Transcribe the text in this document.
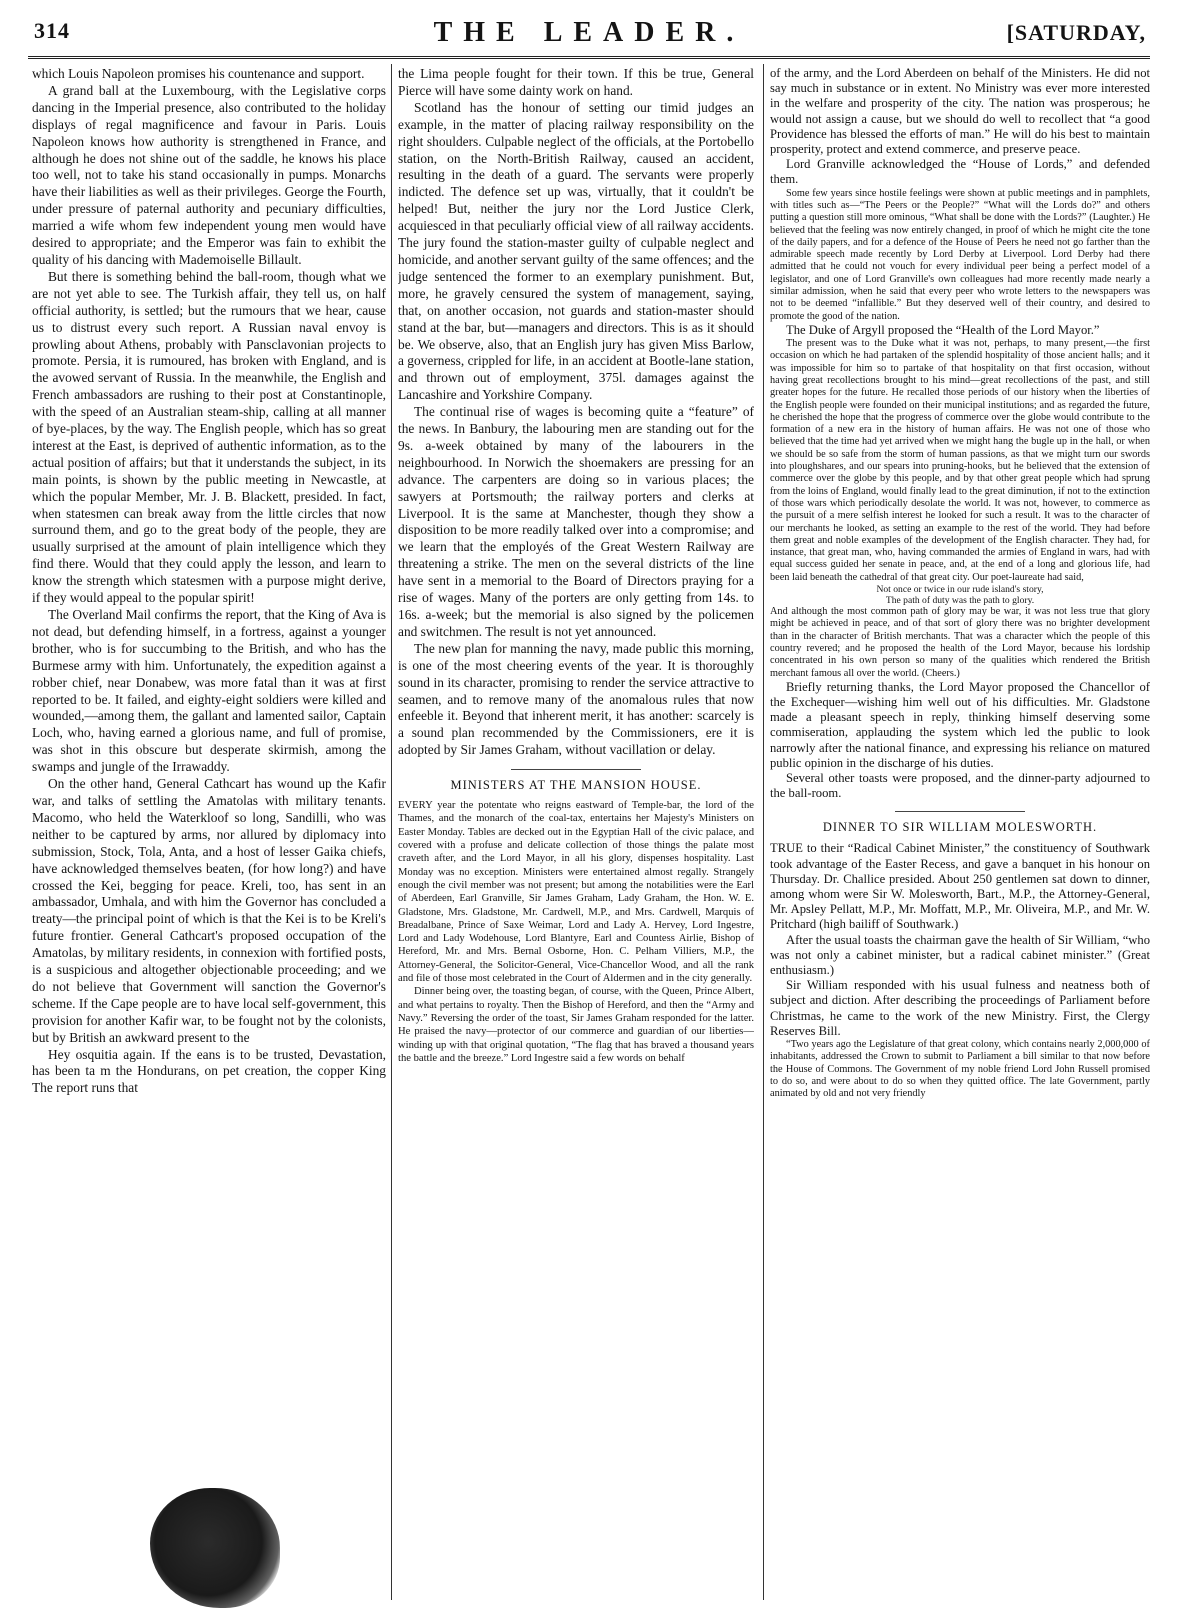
314	THE LEADER.	[SATURDAY,

which Louis Napoleon promises his countenance and support.

A grand ball at the Luxembourg, with the Legislative corps dancing in the Imperial presence, also contributed to the holiday displays of regal magnificence and favour in Paris. Louis Napoleon knows how authority is strengthened in France, and although he does not shine out of the saddle, he knows his place too well, not to take his stand occasionally in pumps. Monarchs have their liabilities as well as their privileges. George the Fourth, under pressure of paternal authority and pecuniary difficulties, married a wife whom few independent young men would have desired to appropriate; and the Emperor was fain to exhibit the quality of his dancing with Mademoiselle Billault.

But there is something behind the ball-room, though what we are not yet able to see. The Turkish affair, they tell us, on half official authority, is settled; but the rumours that we hear, cause us to distrust every such report. A Russian naval envoy is prowling about Athens, probably with Pansclavonian projects to promote. Persia, it is rumoured, has broken with England, and is the avowed servant of Russia. In the meanwhile, the English and French ambassadors are rushing to their post at Constantinople, with the speed of an Australian steam-ship, calling at all manner of bye-places, by the way. The English people, which has so great interest at the East, is deprived of authentic information, as to the actual position of affairs; but that it understands the subject, in its main points, is shown by the public meeting in Newcastle, at which the popular Member, Mr. J. B. Blackett, presided. In fact, when statesmen can break away from the little circles that now surround them, and go to the great body of the people, they are usually surprised at the amount of plain intelligence which they find there. Would that they could apply the lesson, and learn to know the strength which statesmen with a purpose might derive, if they would appeal to the popular spirit!

The Overland Mail confirms the report, that the King of Ava is not dead, but defending himself, in a fortress, against a younger brother, who is for succumbing to the British, and who has the Burmese army with him. Unfortunately, the expedition against a robber chief, near Donabew, was more fatal than it was at first reported to be. It failed, and eighty-eight soldiers were killed and wounded,—among them, the gallant and lamented sailor, Captain Loch, who, having earned a glorious name, and full of promise, was shot in this obscure but desperate skirmish, among the swamps and jungle of the Irrawaddy.

On the other hand, General Cathcart has wound up the Kafir war, and talks of settling the Amatolas with military tenants. Macomo, who held the Waterkloof so long, Sandilli, who was neither to be captured by arms, nor allured by diplomacy into submission, Stock, Tola, Anta, and a host of lesser Gaika chiefs, have acknowledged themselves beaten, (for how long?) and have crossed the Kei, begging for peace. Kreli, too, has sent in an ambassador, Umhala, and with him the Governor has concluded a treaty—the principal point of which is that the Kei is to be Kreli's future frontier. General Cathcart's proposed occupation of the Amatolas, by military residents, in connexion with fortified posts, is a suspicious and altogether objectionable proceeding; and we do not believe that Government will sanction the Governor's scheme. If the Cape people are to have local self-government, this provision for another Kafir war, to be fought not by the colonists, but by British an awkward present to the

Hey osquitia again. If the eans is to be trusted, Devastation, has been ta m the Hondurans, on pet creation, the copper King The report runs that

the Lima people fought for their town. If this be true, General Pierce will have some dainty work on hand.

Scotland has the honour of setting our timid judges an example, in the matter of placing railway responsibility on the right shoulders. Culpable neglect of the officials, at the Portobello station, on the North-British Railway, caused an accident, resulting in the death of a guard. The servants were properly indicted. The defence set up was, virtually, that it couldn't be helped! But, neither the jury nor the Lord Justice Clerk, acquiesced in that peculiarly official view of all railway accidents. The jury found the station-master guilty of culpable neglect and homicide, and another servant guilty of the same offences; and the judge sentenced the former to an exemplary punishment. But, more, he gravely censured the system of management, saying, that, on another occasion, not guards and station-master should stand at the bar, but—managers and directors. This is as it should be. We observe, also, that an English jury has given Miss Barlow, a governess, crippled for life, in an accident at Bootle-lane station, and thrown out of employment, 375l. damages against the Lancashire and Yorkshire Company.

The continual rise of wages is becoming quite a “feature” of the news. In Banbury, the labouring men are standing out for the 9s. a-week obtained by many of the labourers in the neighbourhood. In Norwich the shoemakers are pressing for an advance. The carpenters are doing so in various places; the sawyers at Portsmouth; the railway porters and clerks at Liverpool. It is the same at Manchester, though they show a disposition to be more readily talked over into a compromise; and we learn that the employés of the Great Western Railway are threatening a strike. The men on the several districts of the line have sent in a memorial to the Board of Directors praying for a rise of wages. Many of the porters are only getting from 14s. to 16s. a-week; but the memorial is also signed by the policemen and switchmen. The result is not yet announced.

The new plan for manning the navy, made public this morning, is one of the most cheering events of the year. It is thoroughly sound in its character, promising to render the service attractive to seamen, and to remove many of the anomalous rules that now enfeeble it. Beyond that inherent merit, it has another: scarcely is a sound plan recommended by the Commissioners, ere it is adopted by Sir James Graham, without vacillation or delay.

MINISTERS AT THE MANSION HOUSE.

EVERY year the potentate who reigns eastward of Temple-bar, the lord of the Thames, and the monarch of the coal-tax, entertains her Majesty's Ministers on Easter Monday. Tables are decked out in the Egyptian Hall of the civic palace, and covered with a profuse and delicate collection of those things the palate most craveth after, and the Lord Mayor, in all his glory, dispenses hospitality. Last Monday was no exception. Ministers were entertained almost regally. Strangely enough the civil member was not present; but among the notabilities were the Earl of Aberdeen, Earl Granville, Sir James Graham, Lady Graham, the Hon. W. E. Gladstone, Mrs. Gladstone, Mr. Cardwell, M.P., and Mrs. Cardwell, Marquis of Breadalbane, Prince of Saxe Weimar, Lord and Lady A. Hervey, Lord Ingestre, Lord and Lady Wodehouse, Lord Blantyre, Earl and Countess Airlie, Bishop of Hereford, Mr. and Mrs. Bernal Osborne, Hon. C. Pelham Villiers, M.P., the Attorney-General, the Solicitor-General, Vice-Chancellor Wood, and all the rank and file of those most celebrated in the Court of Aldermen and in the city generally.

Dinner being over, the toasting began, of course, with the Queen, Prince Albert, and what pertains to royalty. Then the Bishop of Hereford, and then the “Army and Navy.” Reversing the order of the toast, Sir James Graham responded for the latter. He praised the navy—protector of our commerce and guardian of our liberties—winding up with that original quotation, “The flag that has braved a thousand years the battle and the breeze.” Lord Ingestre said a few words on behalf

of the army, and the Lord Aberdeen on behalf of the Ministers. He did not say much in substance or in extent. No Ministry was ever more interested in the welfare and prosperity of the city. The nation was prosperous; he would not assign a cause, but we should do well to recollect that “a good Providence has blessed the efforts of man.” He will do his best to maintain prosperity, protect and extend commerce, and preserve peace.

Lord Granville acknowledged the “House of Lords,” and defended them.

Some few years since hostile feelings were shown at public meetings and in pamphlets, with titles such as—“The Peers or the People?” “What will the Lords do?” and others putting a question still more ominous, “What shall be done with the Lords?” (Laughter.) He believed that the feeling was now entirely changed, in proof of which he might cite the tone of the daily papers, and for a defence of the House of Peers he need not go farther than the admirable speech made recently by Lord Derby at Liverpool. Lord Derby had there admitted that he could not vouch for every individual peer being a perfect model of a legislator, and one of Lord Granville's own colleagues had more recently made nearly a similar admission, when he said that every peer who wrote letters to the newspapers was not to be deemed “infallible.” But they deserved well of their country, and desired to promote the good of the nation.

The Duke of Argyll proposed the “Health of the Lord Mayor.”

The present was to the Duke what it was not, perhaps, to many present,—the first occasion on which he had partaken of the splendid hospitality of those ancient halls; and it was impossible for him so to partake of that hospitality on that first occasion, without having great recollections brought to his mind—great recollections of the past, and still greater hopes for the future. He recalled those periods of our history when the liberties of the English people were founded on their municipal institutions; and as regarded the future, he cherished the hope that the progress of commerce over the globe would contribute to the formation of a new era in the history of human affairs. He was not one of those who believed that the time had yet arrived when we might hang the bugle up in the hall, or when we should be so safe from the storm of human passions, as that we might turn our swords into ploughshares, and our spears into pruning-hooks, but he believed that the extension of commerce over the globe by this people, and by that other great people which had sprung from the loins of England, would finally lead to the great diminution, if not to the extinction of those wars which periodically desolate the world. It was not, however, to commerce as the pursuit of a mere selfish interest he looked for such a result. It was to the character of our merchants he looked, as setting an example to the rest of the world. They had before them great and noble examples of the development of the English character. They had, for instance, that great man, who, having commanded the armies of England in wars, had with equal success guided her senate in peace, and, at the end of a long and glorious life, had been laid beneath the cathedral of that great city. Our poet-laureate had said,

Not once or twice in our rude island's story,

The path of duty was the path to glory.

And although the most common path of glory may be war, it was not less true that glory might be achieved in peace, and of that sort of glory there was no brighter development than in the character of British merchants. That was a character which the people of this country revered; and he proposed the health of the Lord Mayor, because his lordship concentrated in his own person so many of the qualities which rendered the British merchant famous all over the world. (Cheers.)

Briefly returning thanks, the Lord Mayor proposed the Chancellor of the Exchequer—wishing him well out of his difficulties. Mr. Gladstone made a pleasant speech in reply, thinking himself deserving some commiseration, applauding the system which led the public to look narrowly after the national finance, and expressing his reliance on matured public opinion in the discharge of his duties.

Several other toasts were proposed, and the dinner-party adjourned to the ball-room.

DINNER TO SIR WILLIAM MOLESWORTH.

TRUE to their “Radical Cabinet Minister,” the constituency of Southwark took advantage of the Easter Recess, and gave a banquet in his honour on Thursday. Dr. Challice presided. About 250 gentlemen sat down to dinner, among whom were Sir W. Molesworth, Bart., M.P., the Attorney-General, Mr. Apsley Pellatt, M.P., Mr. Moffatt, M.P., Mr. Oliveira, M.P., and Mr. W. Pritchard (high bailiff of Southwark.)

After the usual toasts the chairman gave the health of Sir William, “who was not only a cabinet minister, but a radical cabinet minister.” (Great enthusiasm.)

Sir William responded with his usual fulness and neatness both of subject and diction. After describing the proceedings of Parliament before Christmas, he came to the work of the new Ministry. First, the Clergy Reserves Bill.

“Two years ago the Legislature of that great colony, which contains nearly 2,000,000 of inhabitants, addressed the Crown to submit to Parliament a bill similar to that now before the House of Commons. The Government of my noble friend Lord John Russell promised to do so, and were about to do so when they quitted office. The late Government, partly animated by old and not very friendly
